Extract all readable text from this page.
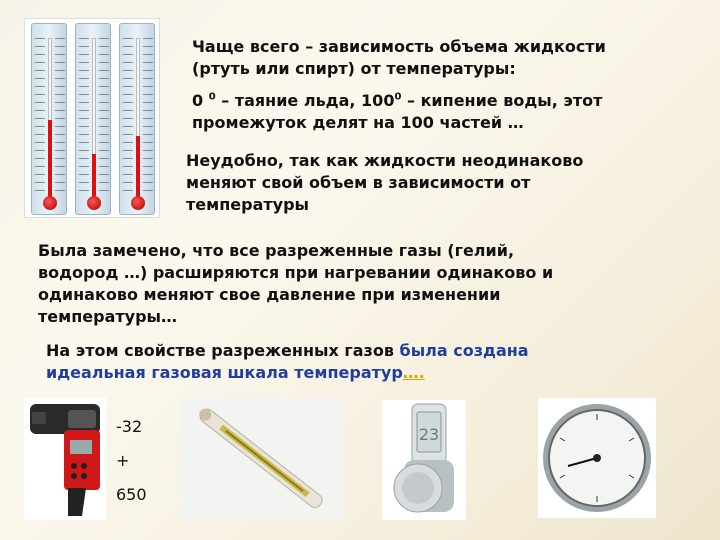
Чаще всего – зависимость объема жидкости (ртуть или спирт) от температуры:
0 $^0$ – таяние льда, $100^0$ – кипение воды, этот промежуток делят на 100 частей …
Неудобно, так как жидкости неодинаково меняют свой объем в зависимости от температуры
Была замечено, что все разреженные газы (гелий, водород …) расширяются при нагревании одинаково и одинаково меняют свое давление при изменении температуры…
На этом свойстве разреженных газов была создана идеальная газовая шкала температур….
-32
+
650
23
